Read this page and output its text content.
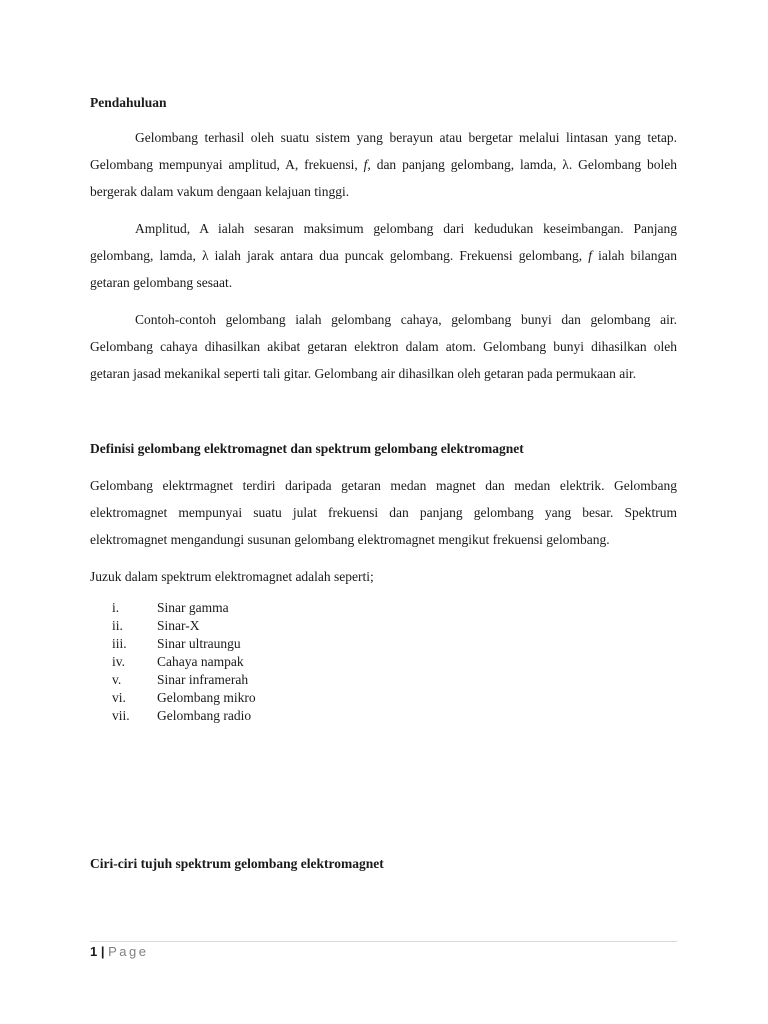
Pendahuluan

Gelombang terhasil oleh suatu sistem yang berayun atau bergetar melalui lintasan yang tetap. Gelombang mempunyai amplitud, A, frekuensi, f, dan panjang gelombang, lamda, λ. Gelombang boleh bergerak dalam vakum dengaan kelajuan tinggi.

Amplitud, A ialah sesaran maksimum gelombang dari kedudukan keseimbangan. Panjang gelombang, lamda, λ ialah jarak antara dua puncak gelombang. Frekuensi gelombang, f ialah bilangan getaran gelombang sesaat.

Contoh-contoh gelombang ialah gelombang cahaya, gelombang bunyi dan gelombang air. Gelombang cahaya dihasilkan akibat getaran elektron dalam atom. Gelombang bunyi dihasilkan oleh getaran jasad mekanikal seperti tali gitar. Gelombang air dihasilkan oleh getaran pada permukaan air.

Definisi gelombang elektromagnet dan spektrum gelombang elektromagnet

Gelombang elektrmagnet terdiri daripada getaran medan magnet dan medan elektrik. Gelombang elektromagnet mempunyai suatu julat frekuensi dan panjang gelombang yang besar. Spektrum elektromagnet mengandungi susunan gelombang elektromagnet mengikut frekuensi gelombang.

Juzuk dalam spektrum elektromagnet adalah seperti;

i.	Sinar gamma
ii.	Sinar-X
iii.	Sinar ultraungu
iv.	Cahaya nampak
v.	Sinar inframerah
vi.	Gelombang mikro
vii.	Gelombang radio

Ciri-ciri tujuh spektrum gelombang elektromagnet

1 | Page
